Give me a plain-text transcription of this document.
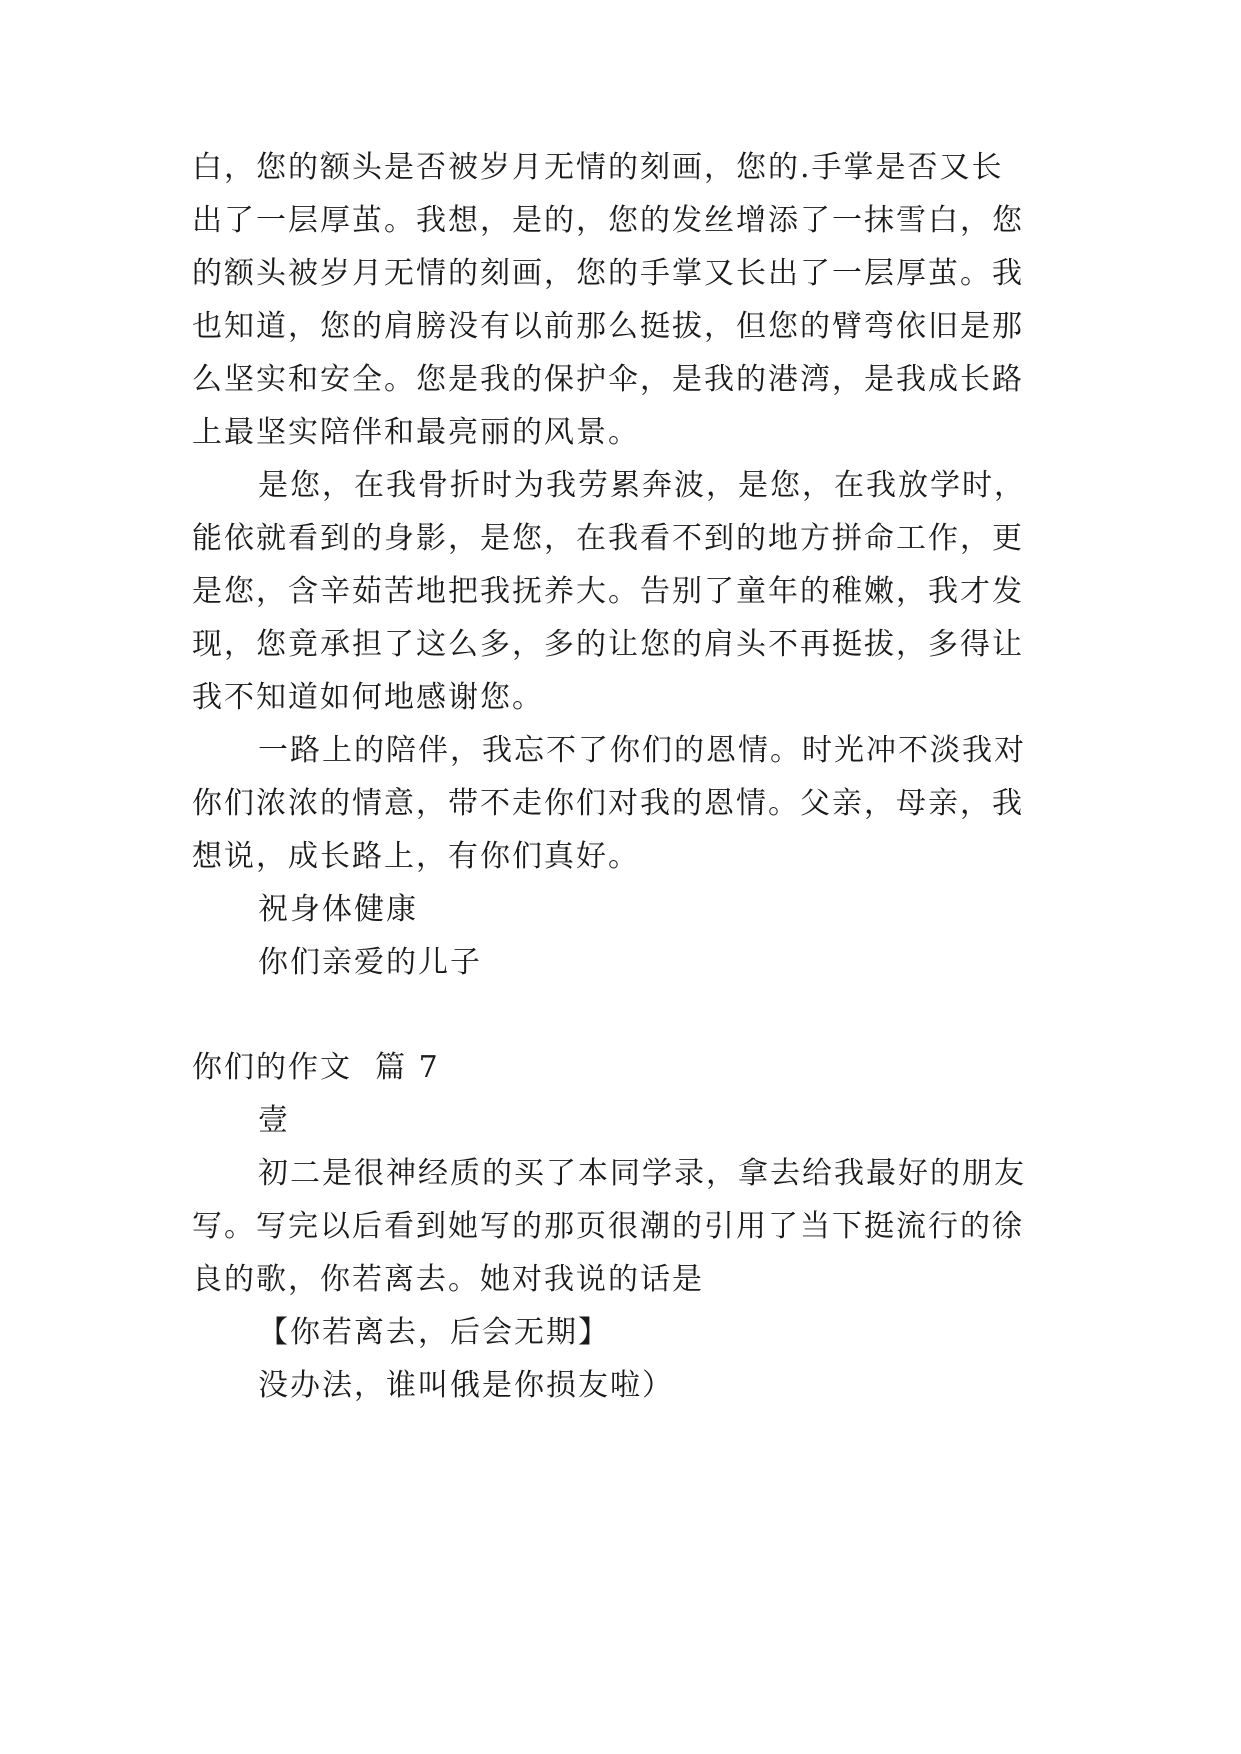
白，您的额头是否被岁月无情的刻画，您的.手掌是否又长
出了一层厚茧。我想，是的，您的发丝增添了一抹雪白，您
的额头被岁月无情的刻画，您的手掌又长出了一层厚茧。我
也知道，您的肩膀没有以前那么挺拔，但您的臂弯依旧是那
么坚实和安全。您是我的保护伞，是我的港湾，是我成长路
上最坚实陪伴和最亮丽的风景。
是您，在我骨折时为我劳累奔波，是您，在我放学时，
能依就看到的身影，是您，在我看不到的地方拼命工作，更
是您，含辛茹苦地把我抚养大。告别了童年的稚嫩，我才发
现，您竟承担了这么多，多的让您的肩头不再挺拔，多得让
我不知道如何地感谢您。
一路上的陪伴，我忘不了你们的恩情。时光冲不淡我对
你们浓浓的情意，带不走你们对我的恩情。父亲，母亲，我
想说，成长路上，有你们真好。
祝身体健康
你们亲爱的儿子
你们的作文  篇 7
壹
初二是很神经质的买了本同学录，拿去给我最好的朋友
写。写完以后看到她写的那页很潮的引用了当下挺流行的徐
良的歌，你若离去。她对我说的话是
【你若离去，后会无期】
没办法，谁叫俄是你损友啦）
